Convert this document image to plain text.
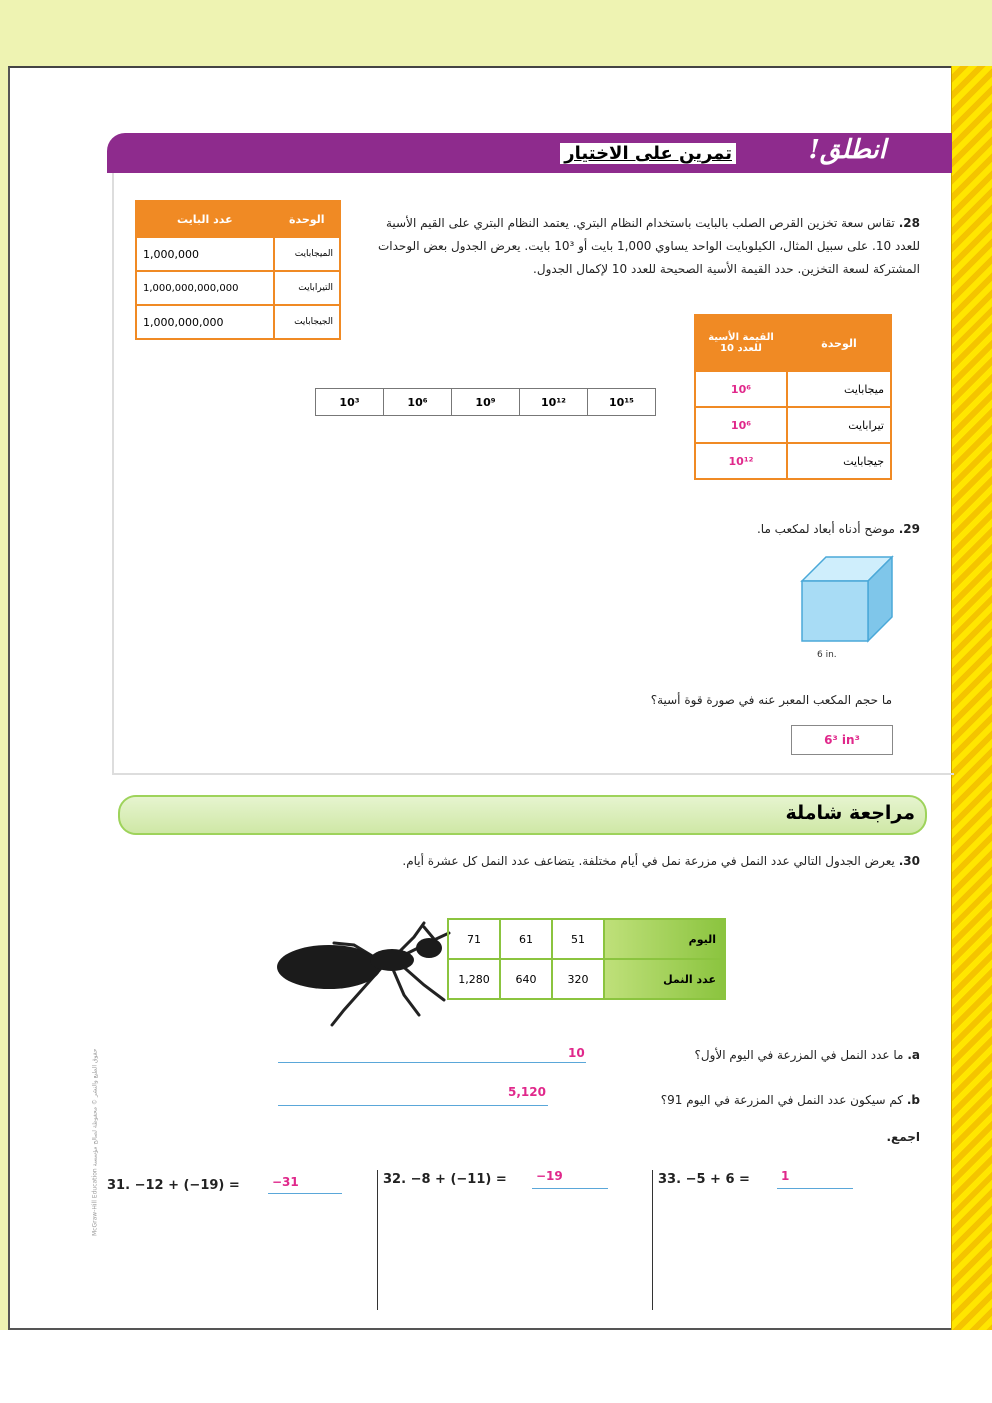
حقوق الطبع والنشر © محفوظة لصالح مؤسسة McGraw-Hill Education
انطلق!
تمرين على الاختيار
28. تقاس سعة تخزين القرص الصلب بالبايت باستخدام النظام البتري. يعتمد النظام البتري على القيم الأسية للعدد 10. على سبيل المثال، الكيلوبايت الواحد يساوي 1,000 بايت أو 10³ بايت. يعرض الجدول بعض الوحدات المشتركة لسعة التخزين. حدد القيمة الأسية الصحيحة للعدد 10 لإكمال الجدول.
الوحدة	عدد البايت
الميجابايت	1,000,000
التيرابايت	1,000,000,000,000
الجيجابايت	1,000,000,000
10³	10⁶	10⁹	10¹²	10¹⁵
الوحدة	القيمة الأسية للعدد 10
ميجابايت	10⁶
تيرابايت	10⁶
جيجابايت	10¹²
29. موضح أدناه أبعاد لمكعب ما.
6 in.
ما حجم المكعب المعبر عنه في صورة قوة أسية؟
6³ in³
مراجعة شاملة
30. يعرض الجدول التالي عدد النمل في مزرعة نمل في أيام مختلفة. يتضاعف عدد النمل كل عشرة أيام.
71	61	51	اليوم
1,280	640	320	عدد النمل
a. ما عدد النمل في المزرعة في اليوم الأول؟
10
b. كم سيكون عدد النمل في المزرعة في اليوم 91؟
5,120
اجمع.
31. −12 + (−19) =	−31	32. −8 + (−11) = −19	33. −5 + 6 =	1
